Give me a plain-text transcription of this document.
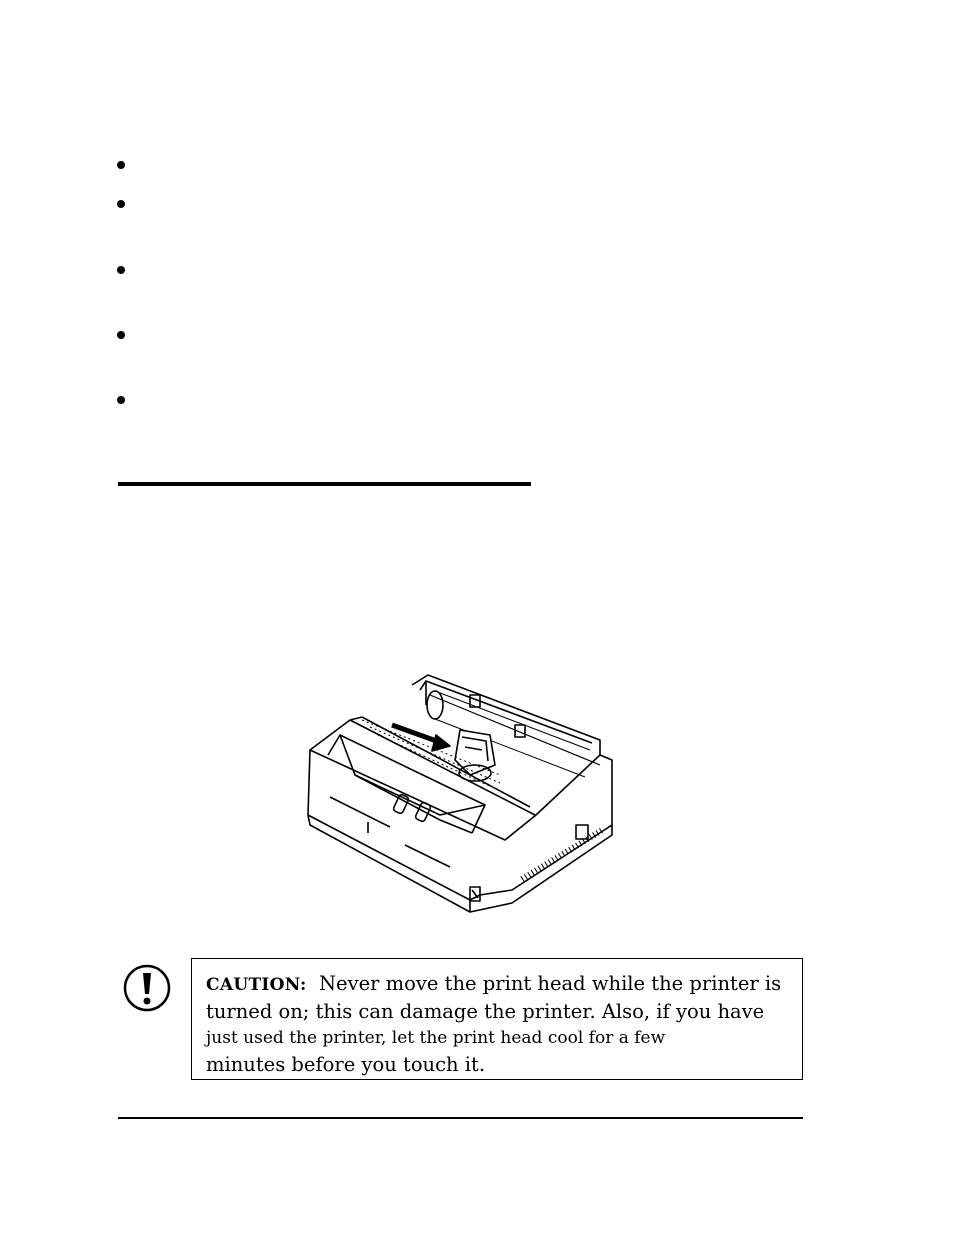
CAUTION: Never move the print head while the printer is
turned on; this can damage the printer. Also, if you have
just used the printer, let the print head cool for a few
minutes before you touch it.
